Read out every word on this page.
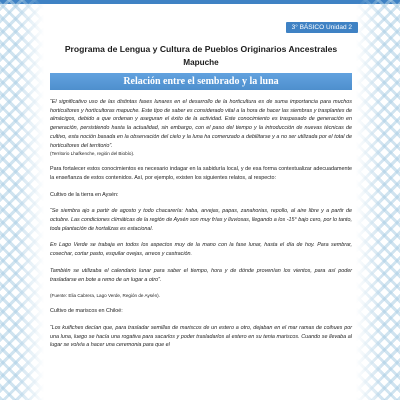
3° BÁSICO Unidad 2
Programa de Lengua y Cultura de Pueblos Originarios Ancestrales
Mapuche
Relación entre el sembrado y la luna

“El significativo uso de las distintas fases lunares en el desarrollo de la horticultura es de suma importancia para muchos horticultores y horticultoras mapuche. Este tipo de saber es considerado vital a la hora de hacer las siembras y trasplantes de almácigos, debido a que ordenan y aseguran el éxito de la actividad. Este conocimiento es traspasado de generación en generación, persistiendo hasta la actualidad, sin embargo, con el paso del tiempo y la introducción de nuevas técnicas de cultivo, esta noción basada en la observación del cielo y la luna ha comenzado a debilitarse y a no ser utilizada por el total de horticultores del territorio”.

(Territorio Lhafkenche, región del Biobío).

Para fortalecer estos conocimientos es necesario indagar en la sabiduría local, y de esa forma contextualizar adecuadamente la enseñanza de estos contenidos. Así, por ejemplo, existen los siguientes relatos, al respecto:

Cultivo de la tierra en Aysén:

“Se siembra ajo a partir de agosto y todo chacarería: haba, arvejas, papas, zanahorias, repollo, al aire libre y a partir de octubre. Las condiciones climáticas de la región de Aysén son muy frías y lluviosas, llegando a los -15° bajo cero, por lo tanto, toda plantación de hortalizas es estacional.

En Lago Verde se trabaja en todos los aspectos muy de la mano con la fase lunar, hasta el día de hoy. Para sembrar, cosechar, cortar pasto, esquilar ovejas, arreos y castración.

También se utilizaba el calendario lunar para saber el tiempo, hora y de dónde provenían los vientos, para así poder trasladarse en bote a remo de un lugar a otro”.

(Fuente: Elia Cabrera, Lago Verde, Región de Aysén).

Cultivo de mariscos en Chiloé:

“Los kuifiches decían que, para trasladar semillas de mariscos de un estero a otro, dejaban en el mar ramas de coihues por una luna, luego se hacía una rogativa para sacarlos y poder trasladarlos al estero en su tenia mariscos. Cuando se llevaba al lugar se volvía a hacer una ceremonia para que el
